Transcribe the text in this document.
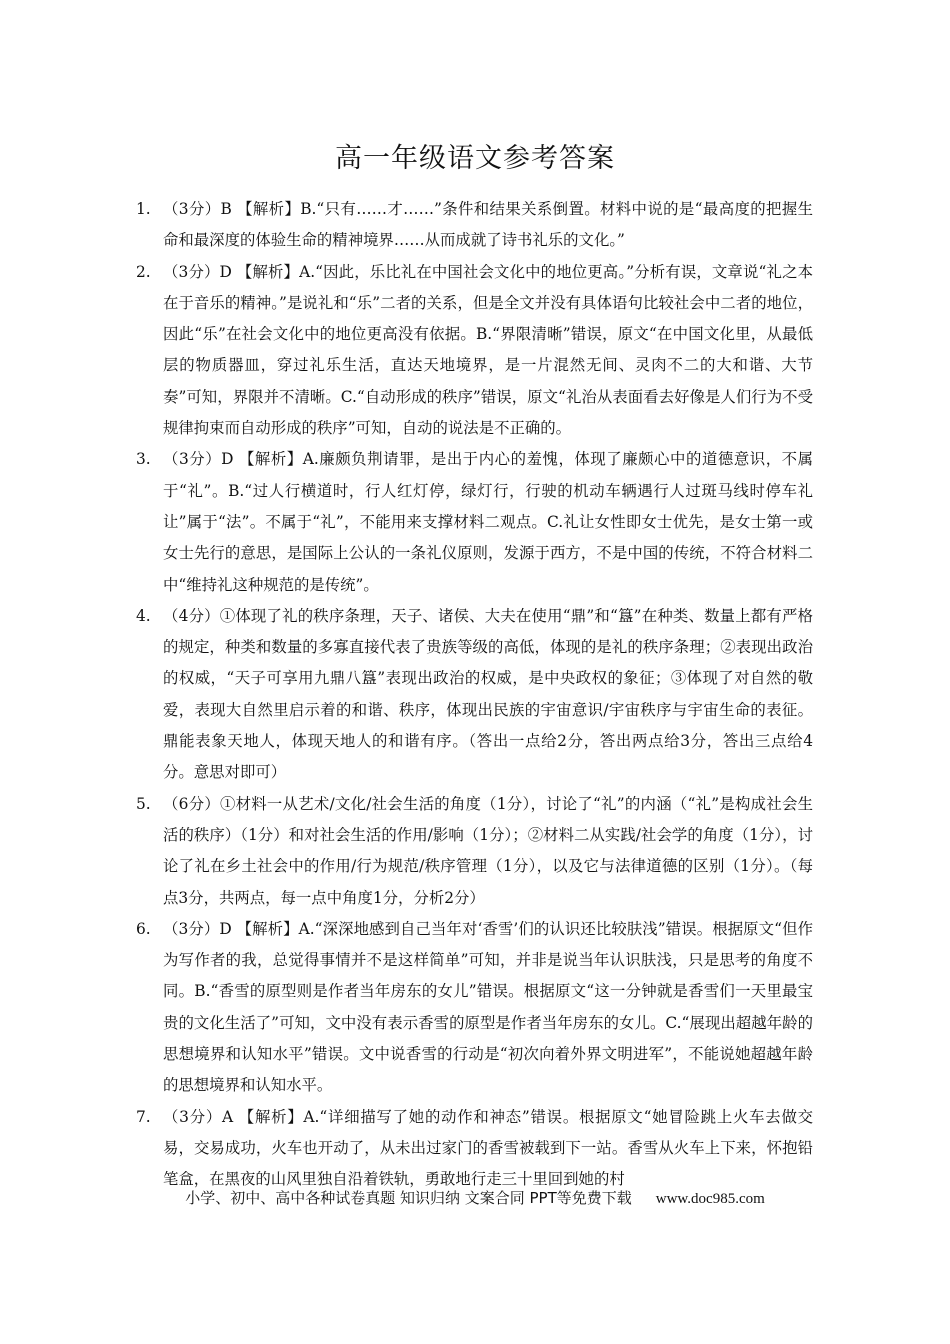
高一年级语文参考答案
1. （3分）B 【解析】B.“只有……才……”条件和结果关系倒置。材料中说的是“最高度的把握生命和最深度的体验生命的精神境界……从而成就了诗书礼乐的文化。”
2. （3分）D 【解析】A.“因此，乐比礼在中国社会文化中的地位更高。”分析有误，文章说“礼之本在于音乐的精神。”是说礼和“乐”二者的关系，但是全文并没有具体语句比较社会中二者的地位，因此“乐”在社会文化中的地位更高没有依据。B.“界限清晰”错误，原文“在中国文化里，从最低层的物质器皿，穿过礼乐生活，直达天地境界，是一片混然无间、灵肉不二的大和谐、大节奏”可知，界限并不清晰。C.“自动形成的秩序”错误，原文“礼治从表面看去好像是人们行为不受规律拘束而自动形成的秩序”可知，自动的说法是不正确的。
3. （3分）D 【解析】A.廉颇负荆请罪，是出于内心的羞愧，体现了廉颇心中的道德意识，不属于“礼”。B.“过人行横道时，行人红灯停，绿灯行，行驶的机动车辆遇行人过斑马线时停车礼让”属于“法”。不属于“礼”，不能用来支撑材料二观点。C.礼让女性即女士优先，是女士第一或女士先行的意思，是国际上公认的一条礼仪原则，发源于西方，不是中国的传统，不符合材料二中“维持礼这种规范的是传统”。
4. （4分）①体现了礼的秩序条理，天子、诸侯、大夫在使用“鼎”和“簋”在种类、数量上都有严格的规定，种类和数量的多寡直接代表了贵族等级的高低，体现的是礼的秩序条理；②表现出政治的权威，“天子可享用九鼎八簋”表现出政治的权威，是中央政权的象征；③体现了对自然的敬爱，表现大自然里启示着的和谐、秩序，体现出民族的宇宙意识/宇宙秩序与宇宙生命的表征。鼎能表象天地人，体现天地人的和谐有序。（答出一点给2分，答出两点给3分，答出三点给4分。意思对即可）
5. （6分）①材料一从艺术/文化/社会生活的角度（1分），讨论了“礼”的内涵（“礼”是构成社会生活的秩序）（1分）和对社会生活的作用/影响（1分）；②材料二从实践/社会学的角度（1分），讨论了礼在乡土社会中的作用/行为规范/秩序管理（1分），以及它与法律道德的区别（1分）。（每点3分，共两点，每一点中角度1分，分析2分）
6. （3分）D 【解析】A.“深深地感到自己当年对‘香雪’们的认识还比较肤浅”错误。根据原文“但作为写作者的我，总觉得事情并不是这样简单”可知，并非是说当年认识肤浅，只是思考的角度不同。B.“香雪的原型则是作者当年房东的女儿”错误。根据原文“这一分钟就是香雪们一天里最宝贵的文化生活了”可知，文中没有表示香雪的原型是作者当年房东的女儿。C.“展现出超越年龄的思想境界和认知水平”错误。文中说香雪的行动是“初次向着外界文明进军”，不能说她超越年龄的思想境界和认知水平。
7. （3分）A 【解析】A.“详细描写了她的动作和神态”错误。根据原文“她冒险跳上火车去做交易，交易成功，火车也开动了，从未出过家门的香雪被载到下一站。香雪从火车上下来，怀抱铅笔盒，在黑夜的山风里独自沿着铁轨，勇敢地行走三十里回到她的村
小学、初中、高中各种试卷真题 知识归纳 文案合同 PPT等免费下载 www.doc985.com
